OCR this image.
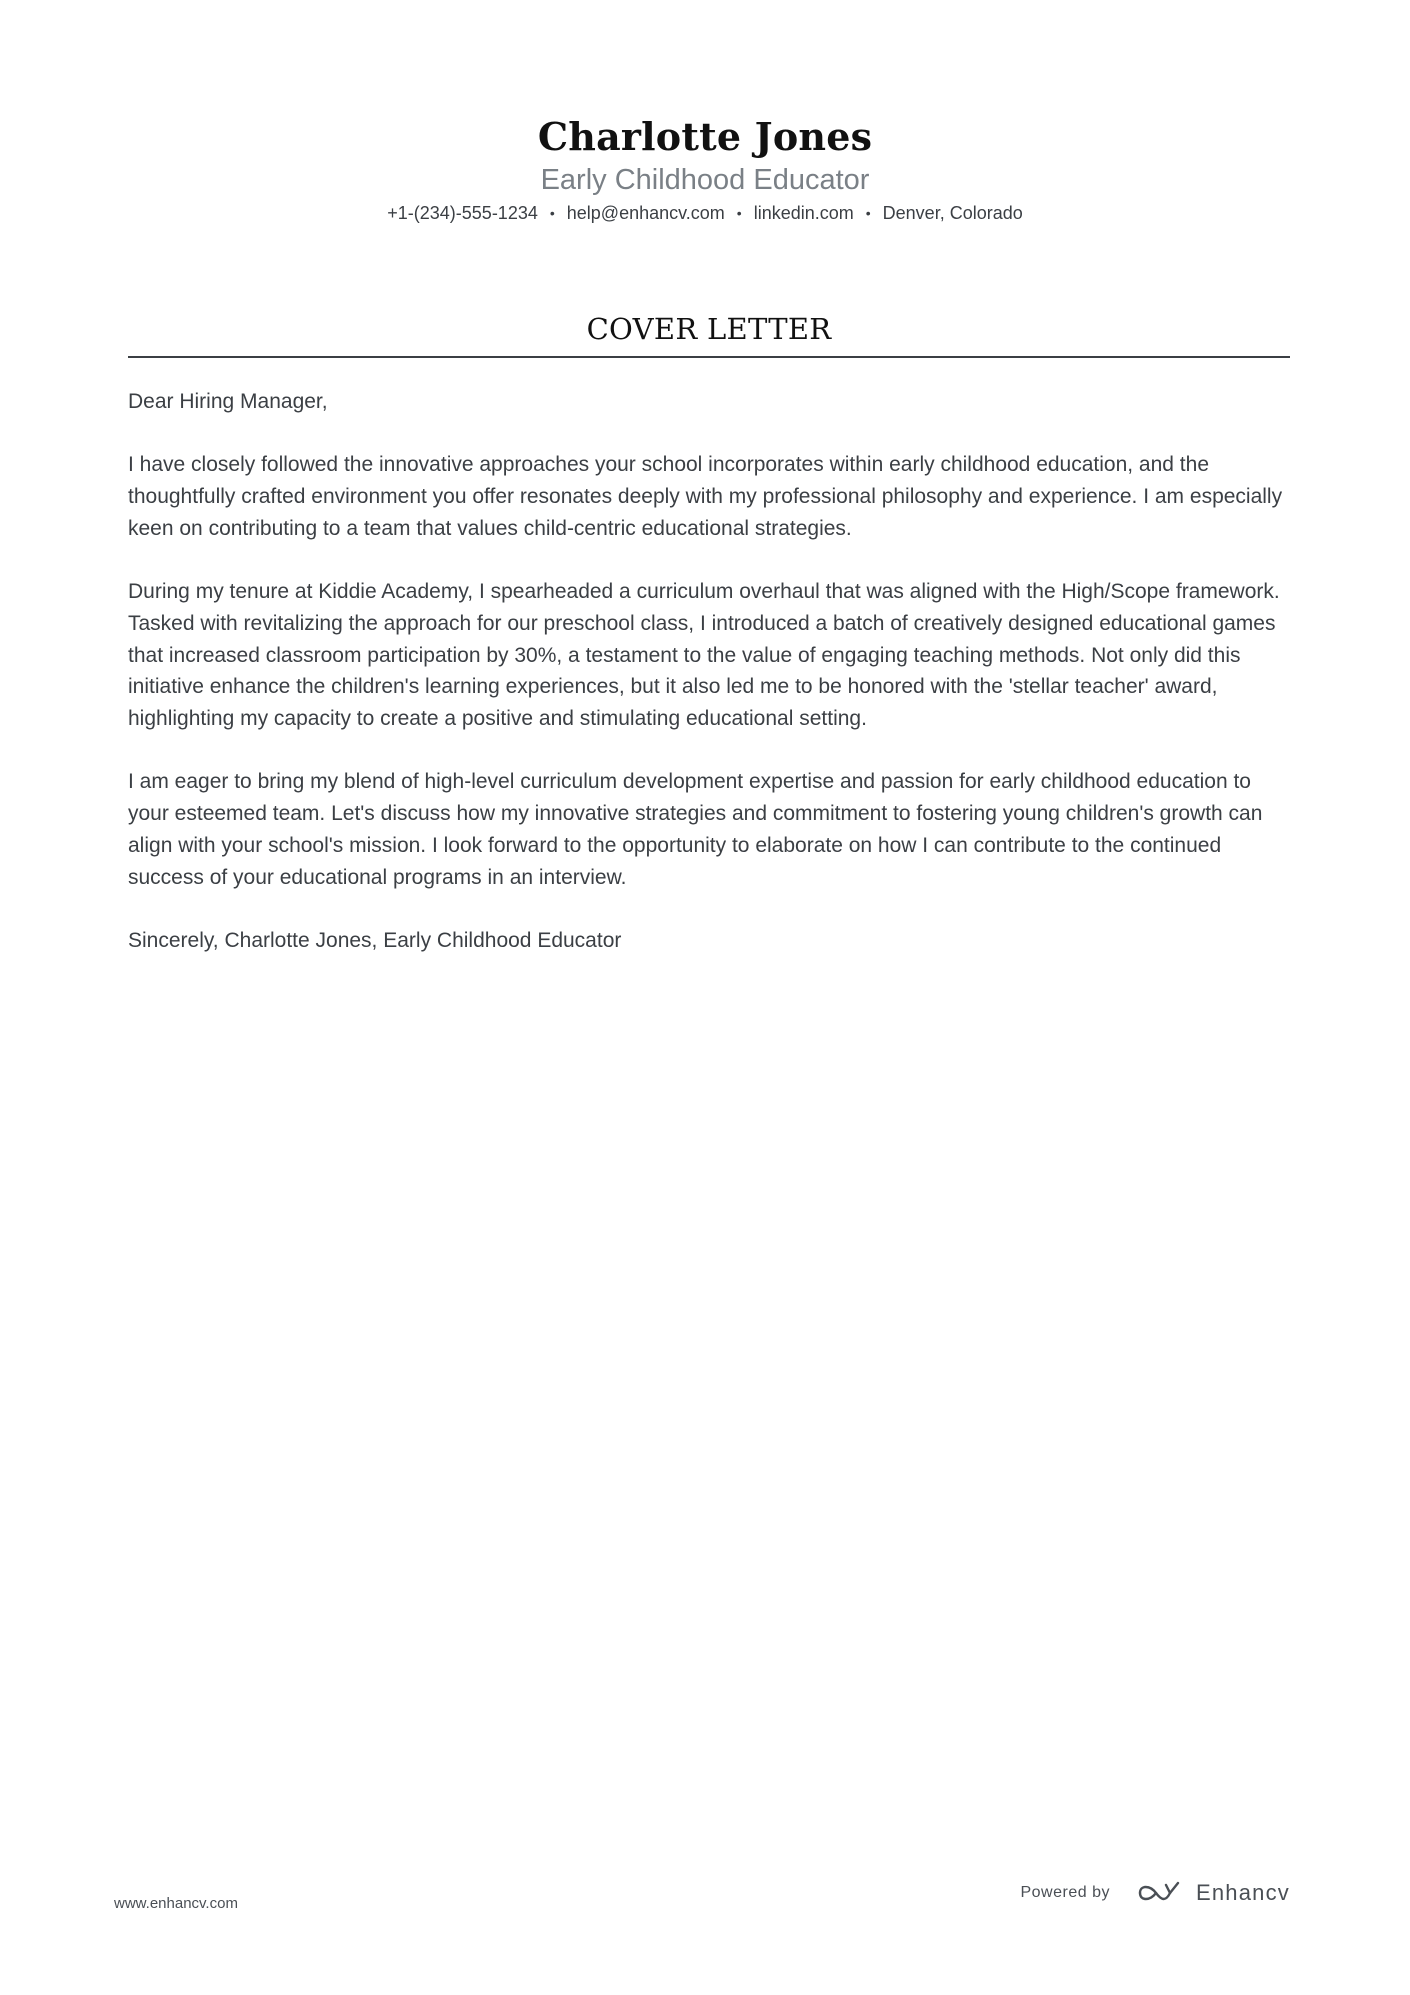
Charlotte Jones
Early Childhood Educator
+1-(234)-555-1234 • help@enhancv.com • linkedin.com • Denver, Colorado
COVER LETTER

Dear Hiring Manager,

I have closely followed the innovative approaches your school incorporates within early childhood education, and the thoughtfully crafted environment you offer resonates deeply with my professional philosophy and experience. I am especially keen on contributing to a team that values child-centric educational strategies.

During my tenure at Kiddie Academy, I spearheaded a curriculum overhaul that was aligned with the High/Scope framework. Tasked with revitalizing the approach for our preschool class, I introduced a batch of creatively designed educational games that increased classroom participation by 30%, a testament to the value of engaging teaching methods. Not only did this initiative enhance the children's learning experiences, but it also led me to be honored with the 'stellar teacher' award, highlighting my capacity to create a positive and stimulating educational setting.

I am eager to bring my blend of high-level curriculum development expertise and passion for early childhood education to your esteemed team. Let's discuss how my innovative strategies and commitment to fostering young children's growth can align with your school's mission. I look forward to the opportunity to elaborate on how I can contribute to the continued success of your educational programs in an interview.

Sincerely, Charlotte Jones, Early Childhood Educator

www.enhancv.com
Powered by	Enhancv
